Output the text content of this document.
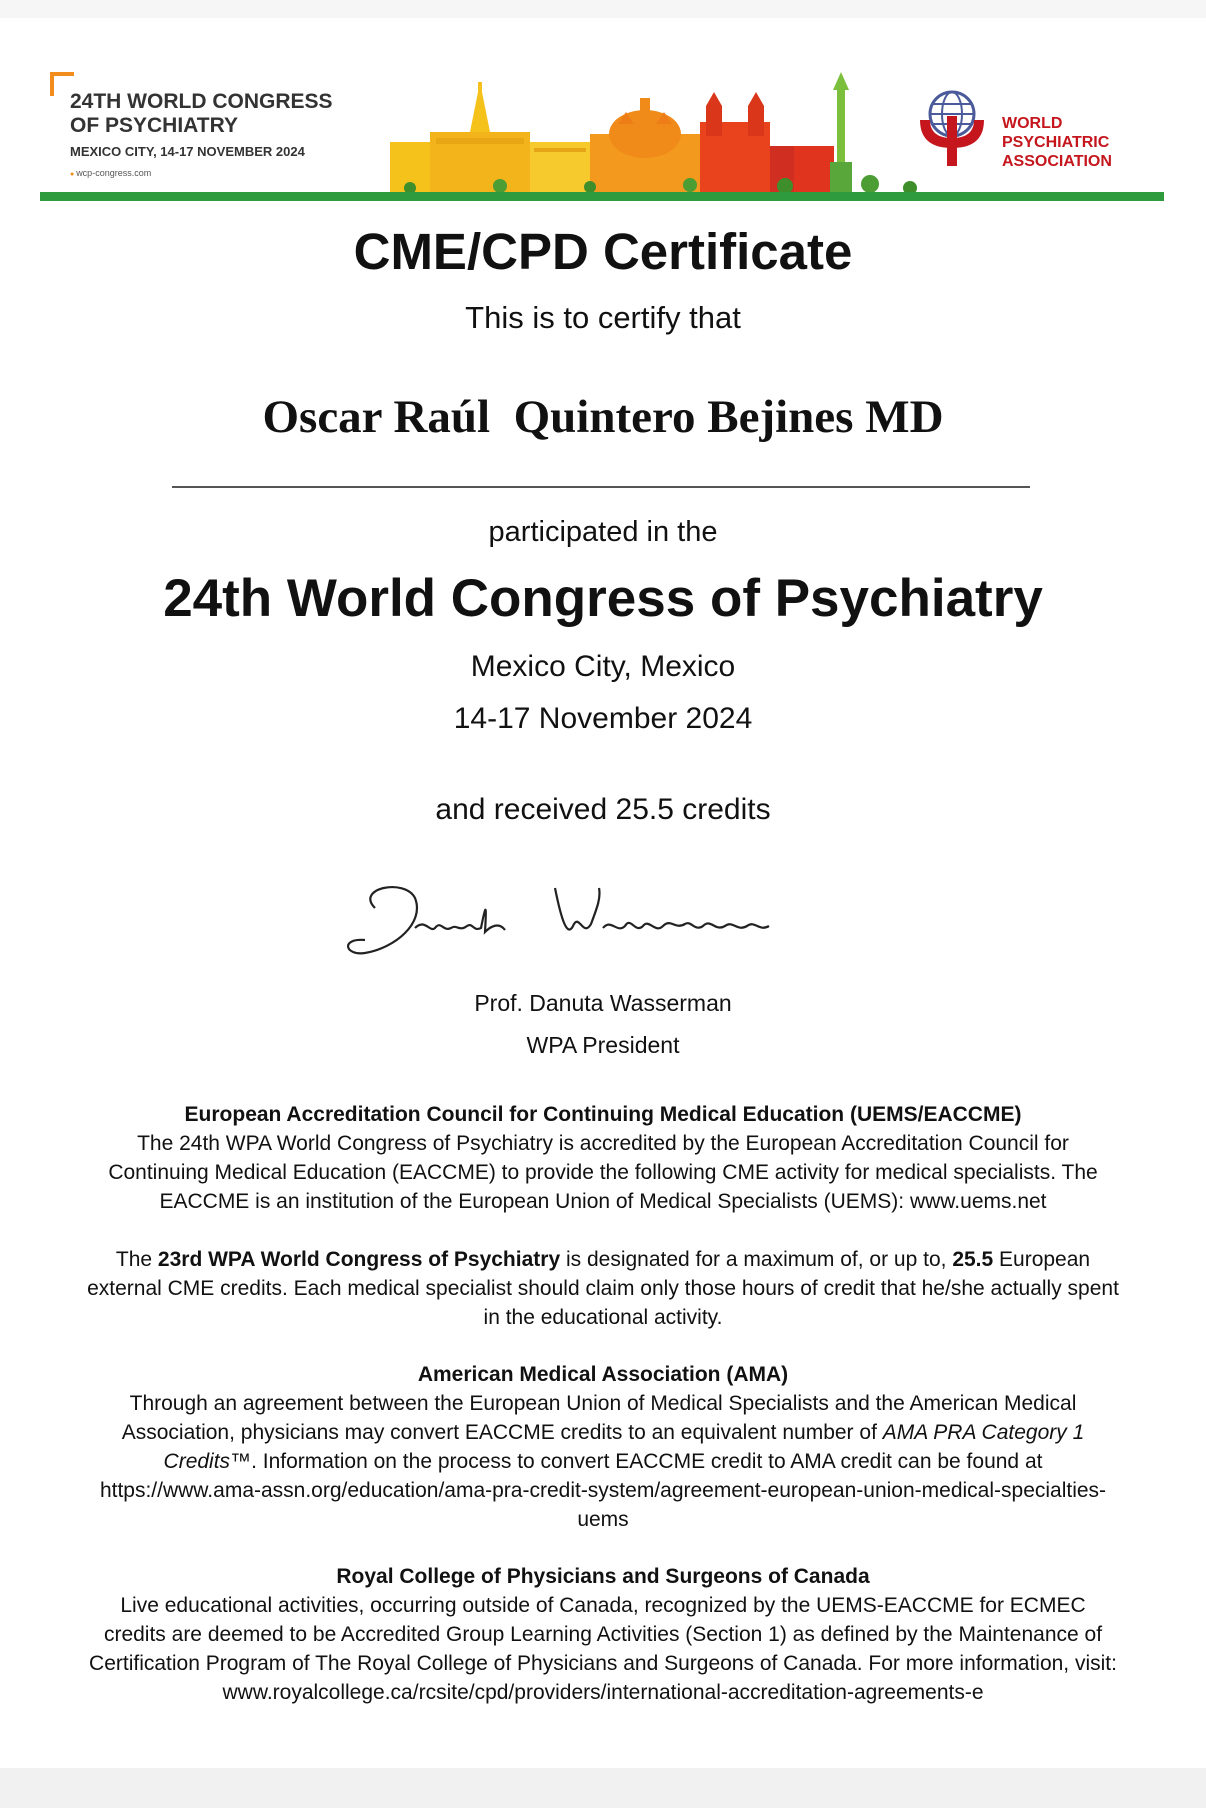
24TH WORLD CONGRESS
OF PSYCHIATRY
MEXICO CITY, 14-17 NOVEMBER 2024
● wcp-congress.com
WORLD
PSYCHIATRIC
ASSOCIATION
CME/CPD Certificate
This is to certify that
Oscar Raúl  Quintero Bejines MD
participated in the
24th World Congress of Psychiatry
Mexico City, Mexico
14-17 November 2024
and received 25.5 credits
Prof. Danuta Wasserman
WPA President
European Accreditation Council for Continuing Medical Education (UEMS/EACCME)
The 24th WPA World Congress of Psychiatry is accredited by the European Accreditation Council for
Continuing Medical Education (EACCME) to provide the following CME activity for medical specialists. The
EACCME is an institution of the European Union of Medical Specialists (UEMS): www.uems.net
The 23rd WPA World Congress of Psychiatry is designated for a maximum of, or up to, 25.5 European
external CME credits. Each medical specialist should claim only those hours of credit that he/she actually spent
in the educational activity.
American Medical Association (AMA)
Through an agreement between the European Union of Medical Specialists and the American Medical
Association, physicians may convert EACCME credits to an equivalent number of AMA PRA Category 1
Credits™. Information on the process to convert EACCME credit to AMA credit can be found at
https://www.ama-assn.org/education/ama-pra-credit-system/agreement-european-union-medical-specialties-
uems
Royal College of Physicians and Surgeons of Canada
Live educational activities, occurring outside of Canada, recognized by the UEMS-EACCME for ECMEC
credits are deemed to be Accredited Group Learning Activities (Section 1) as defined by the Maintenance of
Certification Program of The Royal College of Physicians and Surgeons of Canada. For more information, visit:
www.royalcollege.ca/rcsite/cpd/providers/international-accreditation-agreements-e
